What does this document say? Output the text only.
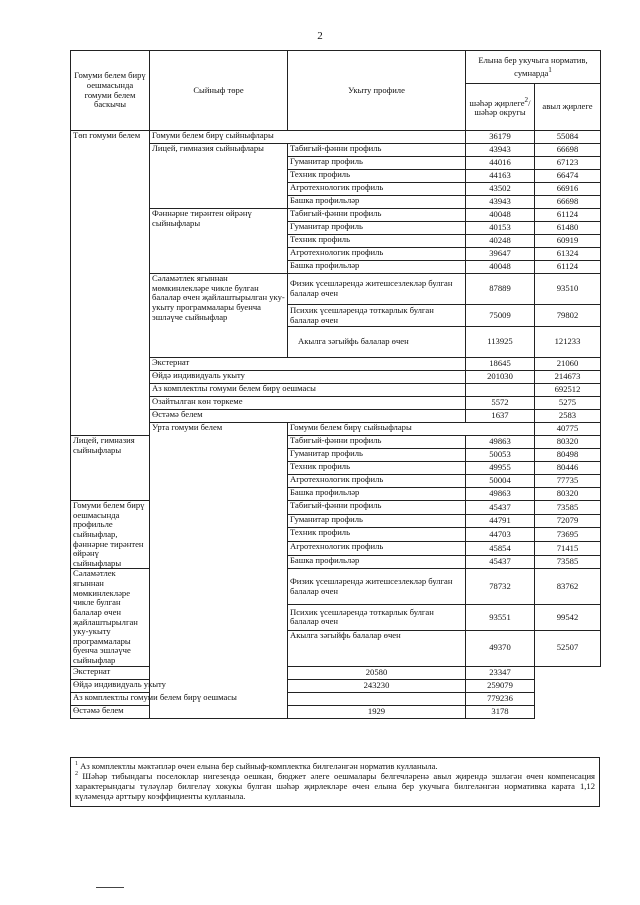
2
Гомуми белем бирү оешмасында гомуми белем баскычы	Сыйныф төре	Укыту профиле	Елына бер укучыга норматив, сумнарда$^1$
			шәһәр җирлеге$^2$/ шәһәр округы	авыл җирлеге	
Төп гомуми белем	Гомуми белем бирү сыйныфлары		36179	55084	
	Лицей, гимназия сыйныфлары	Табигый-фәнни профиль	43943	66698	
		Гуманитар профиль	44016	67123	
		Техник профиль	44163	66474	
		Агротехнологик профиль	43502	66916	
		Башка профильләр	43943	66698	
	Фәннәрне тирәнтен өйрәнү сыйныфлары	Табигый-фәнни профиль	40048	61124	
		Гуманитар профиль	40153	61480	
		Техник профиль	40248	60919	
		Агротехнологик профиль	39647	61324	
		Башка профильләр	40048	61124	
	Сәламәтлек ягыннан мөмкинлекләре чикле булган балалар өчен җайлаштырылган уку-укыту программалары буенча эшләүче сыйныфлар	Физик үсешләрендә житешсезлекләр булган балалар өчен	87889	93510	
		Психик үсешләрендә тоткарлык булган балалар өчен	75009	79802	
		Акылга зәгыйфь балалар өчен	113925	121233	
	Экстернат		18645	21060	
	Өйдә индивидуаль укыту		201030	214673	
	Аз комплектлы гомуми белем бирү оешмасы			692512	
	Озайтылган көн төркеме		5572	5275	
	Өстәмә белем		1637	2583	
	Урта гомуми белем	Гомуми белем бирү сыйныфлары		40775	
Лицей, гимназия сыйныфлары		Табигый-фәнни профиль	49863	80320	
		Гуманитар профиль	50053	80498	
		Техник профиль	49955	80446	
		Агротехнологик профиль	50004	77735	
		Башка профильләр	49863	80320	
Гомуми белем бирү оешмасында профильле сыйныфлар, фәннәрне тирәнтен өйрәнү сыйныфлары		Табигый-фәнни профиль	45437	73585	
		Гуманитар профиль	44791	72079	
		Техник профиль	44703	73695	
		Агротехнологик профиль	45854	71415	
		Башка профильләр	45437	73585	
Сәламәтлек ягыннан мөмкинлекләре чикле булган балалар өчен җайлаштырылган уку-укыту программалары буенча эшләүче сыйныфлар		Физик үсешләрендә житешсезлекләр булган балалар өчен	78732	83762	
		Психик үсешләрендә тоткарлык булган балалар өчен	93551	99542	
		Акылга зәгыйфь балалар өчен	49370	52507	
Экстернат		20580	23347		
Өйдә индивидуаль укыту		243230	259079		
Аз комплектлы гомуми белем бирү оешмасы			779236		
Өстәмә белем		1929	3178		

$^1$ Аз комплектлы мәктәпләр өчен елына бер сыйныф-комплектка билгеләнгән норматив кулланыла.

$^2$ Шәһәр тибындагы поселоклар нигезендә оешкан, бюджет әлеге оешмалары белгечләренә авыл җирендә эшләгән өчен компенсация характерындагы түләүләр билгеләү хокукы булган шәһәр җирлекләре өчен елына бер укучыга билгеләнгән нормативка карата 1,12 күләмендә арттыру коэффициенты кулланыла.
